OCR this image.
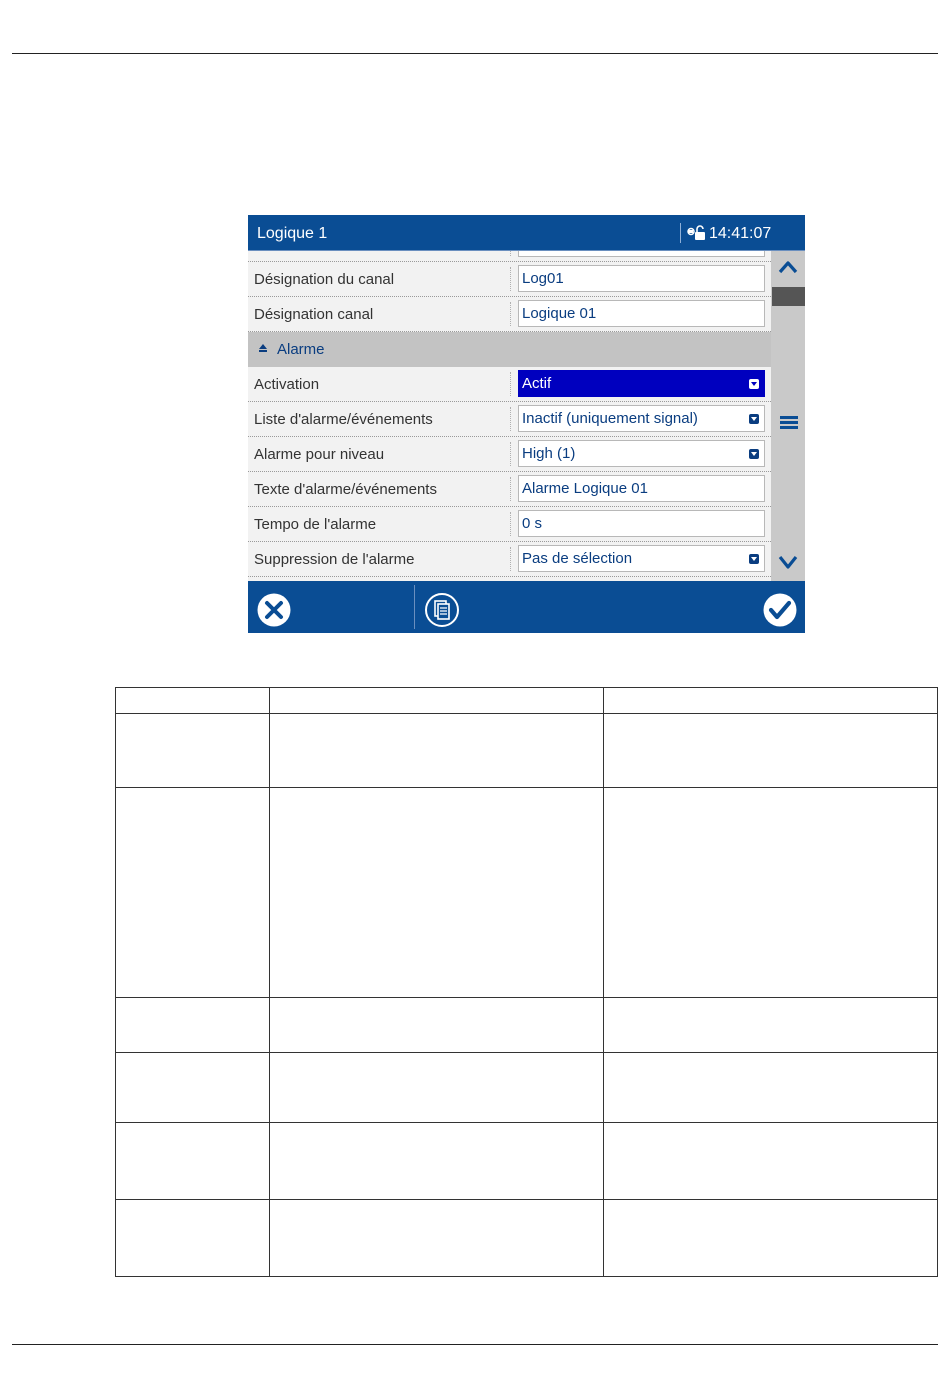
Logique 1	14:41:07
Désignation du canal	Log01
Désignation canal	Logique 01
Alarme
Activation	Actif
Liste d'alarme/événements	Inactif (uniquement signal)
Alarme pour niveau	High (1)
Texte d'alarme/événements	Alarme Logique 01
Tempo de l'alarme	0 s
Suppression de l'alarme	Pas de sélection
